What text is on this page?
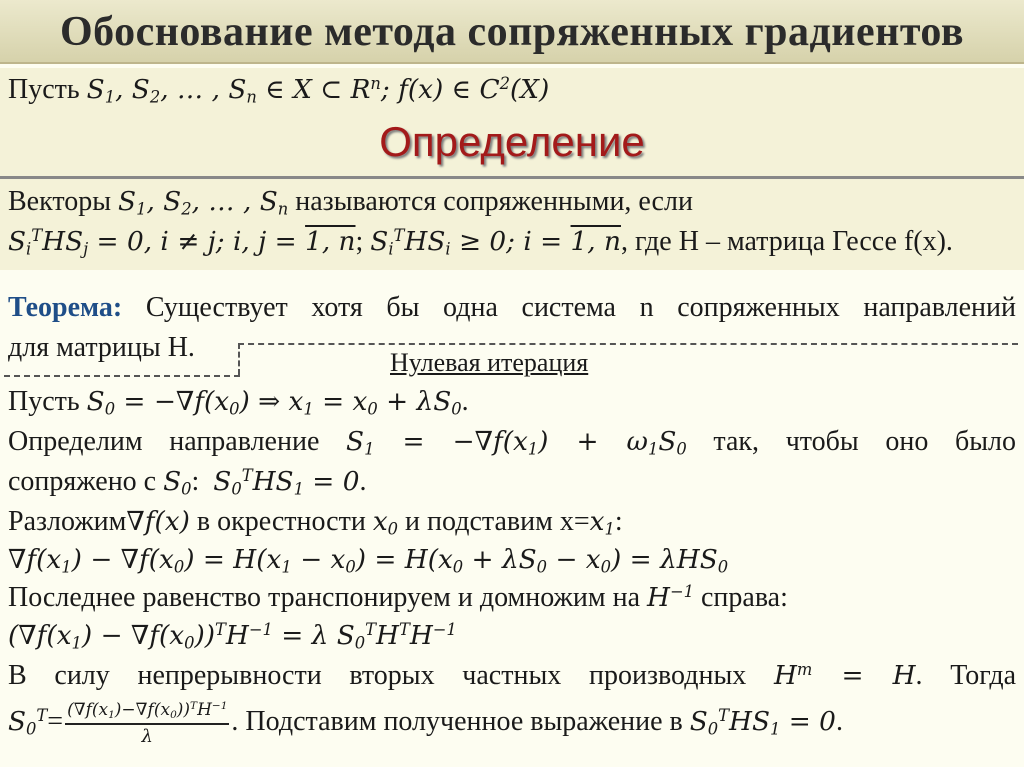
Обоснование метода сопряженных градиентов
Пусть $S_1$, $S_2$, … , $S_n$ ∈ X ⊂ $R^n$; f(x) ∈ $C^2(X)$
Определение
Векторы $S_1$, $S_2$, … , $S_n$ называются сопряженными, если
$S_i^THS_j = 0$, i ≠ j; i, j = 1, n; $S_i^THS_i \ge 0$; i = 1, n, где Н – матрица Гессе f(x).
Теорема: Существует хотя бы одна система n сопряженных направлений
для матрицы Н.	Нулевая итерация
Пусть $S_0 = -\nabla f(x_0)$ ⇒ $x_1 = x_0 + \lambda S_0$.
Определим направление $S_1 = -\nabla f(x_1) + \omega_1S_0$ так, чтобы оно было
сопряжено с $S_0$:  $S_0^THS_1 = 0$.
Разложим∇f(x) в окрестности $x_0$ и подставим $x=x_1$:
$\nabla f(x_1) - \nabla f(x_0) = H(x_1 - x_0) = H(x_0 + \lambda S_0 - x_0) = \lambda HS_0$
Последнее равенство транспонируем и домножим на $H^{-1}$ справа:
$(\nabla f(x_1) - \nabla f(x_0))^TH^{-1} = \lambda$ $S_0^TH^TH^{-1}$
В силу непрерывности вторых частных производных $H^т = H$. Тогда
$S_0^T= \frac{(\nabla f(x_1)-\nabla f(x_0))^TH^{-1}}{\lambda}$ . Подставим полученное выражение в $S_0^THS_1 = 0$.
